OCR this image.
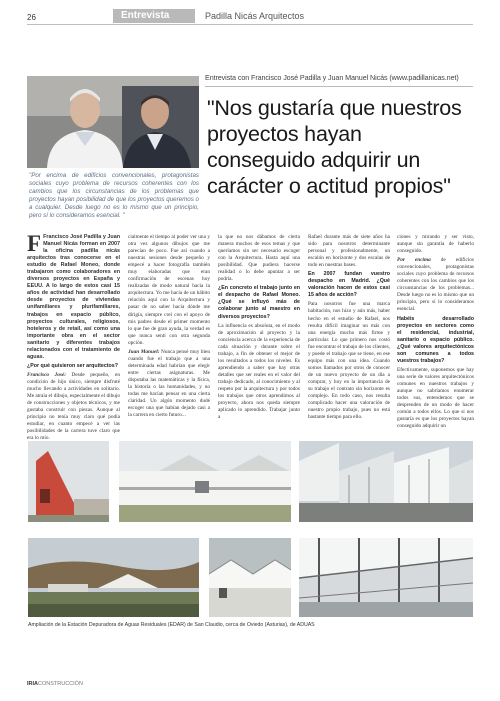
26	Entrevista	Padilla Nicás Arquitectos
Entrevista con Francisco José Padilla y Juan Manuel Nicás (www.padillanicas.net)
"Nos gustaría que nuestros proyectos hayan conseguido adquirir un carácter o actitud propios"
"Por encima de edificios convencionales, protagonistas sociales cuyo problema de recursos coherentes con los cambios que los circunstancias de los problemas que proyectos hayan posibilidad de que los proyectos queremos o a cualquier. Desde luego no es lo mismo que un principio, pero sí lo consideramos esencial. "

F Francisco José Padilla y Juan Manuel Nicás forman en 2007 la oficina padilla nicás arquitectos tras conocerse en el estudio de Rafael Moneo, donde trabajaron como colaboradores en diversos proyectos en España y EEUU. A lo largo de estos casi 15 años de actividad han desarrollado desde proyectos de viviendas unifamiliares y plurifamiliares, trabajos en espacio público, proyectos culturales, religiosos, hoteleros y de retail, así como una importante obra en el sector sanitario y diferentes trabajos relacionados con el tratamiento de aguas.

¿Por qué quisieron ser arquitectos?

Francisco José: Desde pequeño, en condición de hijo único, siempre disfruté mucho llevando a actividades en solitario. Me atraía el dibujo, especialmente el dibujo de construcciones y objetos técnicos, y me gustaba construir con piezas. Aunque al principio no tenía muy claro qué podía estudiar, en cuanto empecé a ver las posibilidades de la carrera tuve claro que era lo mío.

cialmente el tiempo al poder ver una y otra vez algunos dibujos que me parecían de poco. Fue así cuando a nuestras sesiones desde pequeño y empecé a hacer fotografía también muy elaboradas que eran confirmación de escenas hoy realizadas de modo natural hacia la arquitectura. Yo me hacía de un hábito relación aquí con la Arquitectura y pasar de no saber hacia dónde me dirigía, siempre creí con el apoyo de mis padres desde el primer momento lo que fue de gran ayuda, la verdad es que nunca sentí con otra segunda opción.

Juan Manuel: Nunca pensé muy bien cuando fue el trabajo que a una determinada edad habrían que elegir entre ciertas asignaturas. Me disputaba las matemáticas y la física, la historia o las humanidades, y no todas me hacían pensar en una cierta claridad. Un algún momento dudé escoger una que habían dejado casi a la carrera en cierto futuro...

la que no nos dábamos de cierta manera muchos de esos temas y que queríamos sin ser necesario escoger con la Arquitectura. Hasta aquí una posibilidad. Que pudiera hacerse realidad o lo debe apuntar a ser podría.

¿En concreto el trabajo junto en el despacho de Rafael Moneo. ¿Qué se influyó más de colaborar junto al maestro en diversos proyectos?

La influencia es absoluta, en el modo de aproximación al proyecto y la conciencia acerca de la experiencia de cada situación y durante sobre el trabajo, a fin de obtener el mejor de los resultados a todos los niveles. Es aprendiendo a saber que hay otras detalles que ser reales en el valor del trabajo dedicado, al conocimiento y al respeto por la arquitectura y por todos los trabajos que otros aprendimos al proyecto, ahora nos queda siempre aplicado lo aprendido. Trabajar junto a

Rafael durante más de siete años ha sido para nosotros determinante personal y profesionalmente, un escalón en horizonte y dos escalas de todo en nuestras bases.

En 2007 fundan vuestro despacho en Madrid. ¿Qué valoración hacen de estos casi 15 años de acción?

Para nosotros fue una marca habitación, nos hizo y aún más, haber hecho en el estudio de Rafael, nos resulta difícil imaginar un más con una energía mucho más firme y particular. Lo que primero nos costó fue encontrar el trabajo de los clientes, y puede el trabajo que se tiene, en ese equipo más con una idea. Cuando somos llamados por otros de conocer de un nuevo proyecto de un día a comprar, y hoy en la importancia de su trabajo el contrato sin horizonte es complejo. En todo caso, nos resulta complicado hacer una valoración de nuestro propio trabajo, pues no está bastante tiempo para ello.

ciones y mirando y ser visto, aunque sin garantía de haberlo conseguido.

Por encima de edificios convencionales, protagonistas sociales cuyo problema de recursos coherentes con los cambios que los circunstancias de los problemas... Desde luego no es lo mismo que un principio, pero sí lo consideramos esencial.

Habéis desarrollado proyectos en sectores como el residencial, industrial, sanitario o espacio público. ¿Qué valores arquitectónicos son comunes a todos vuestros trabajos?

Efectivamente, suponemos que hay una serie de valores arquitectónicos comunes en nuestros trabajos y aunque no sabríamos enumerar todos sus, entendemos que se desprenden de un modo de hacer común a todos ellos. Lo que sí nos gustaría es que los proyectos hayan conseguido adquirir un

Ampliación de la Estación Depuradora de Aguas Residuales (EDAR) de San Claudio, cerca de Oviedo (Asturias), de ADUAS
IRIACONSTRUCCIÓN
